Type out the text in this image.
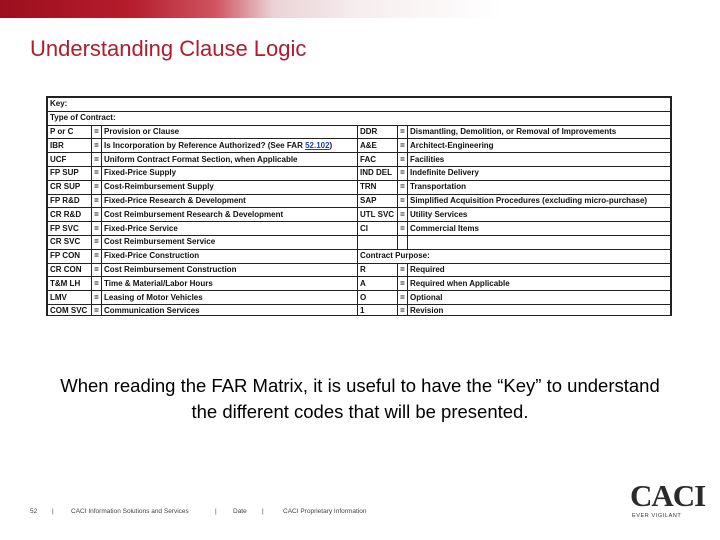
Understanding Clause Logic
Key:					
Type of Contract:					
P or C	=	Provision or Clause	DDR	=	Dismantling, Demolition, or Removal of Improvements
IBR	=	Is Incorporation by Reference Authorized? (See FAR 52.102)	A&E	=	Architect-Engineering
UCF	=	Uniform Contract Format Section, when Applicable	FAC	=	Facilities
FP SUP	=	Fixed-Price Supply	IND DEL	=	Indefinite Delivery
CR SUP	=	Cost-Reimbursement Supply	TRN	=	Transportation
FP R&D	=	Fixed-Price Research & Development	SAP	=	Simplified Acquisition Procedures (excluding micro-purchase)
CR R&D	=	Cost Reimbursement Research & Development	UTL SVC	=	Utility Services
FP SVC	=	Fixed-Price Service	CI	=	Commercial Items
CR SVC	=	Cost Reimbursement Service			
FP CON	=	Fixed-Price Construction	Contract Purpose:		
CR CON	=	Cost Reimbursement Construction	R	=	Required
T&M LH	=	Time & Material/Labor Hours	A	=	Required when Applicable
LMV	=	Leasing of Motor Vehicles	O	=	Optional
COM SVC	=	Communication Services	1	=	Revision

When reading the FAR Matrix, it is useful to have the “Key” to understand the different codes that will be presented.

52 |	CACI Information Solutions and Services	|	Date |	CACI Proprietary Information	CACI
EVER VIGILANT
